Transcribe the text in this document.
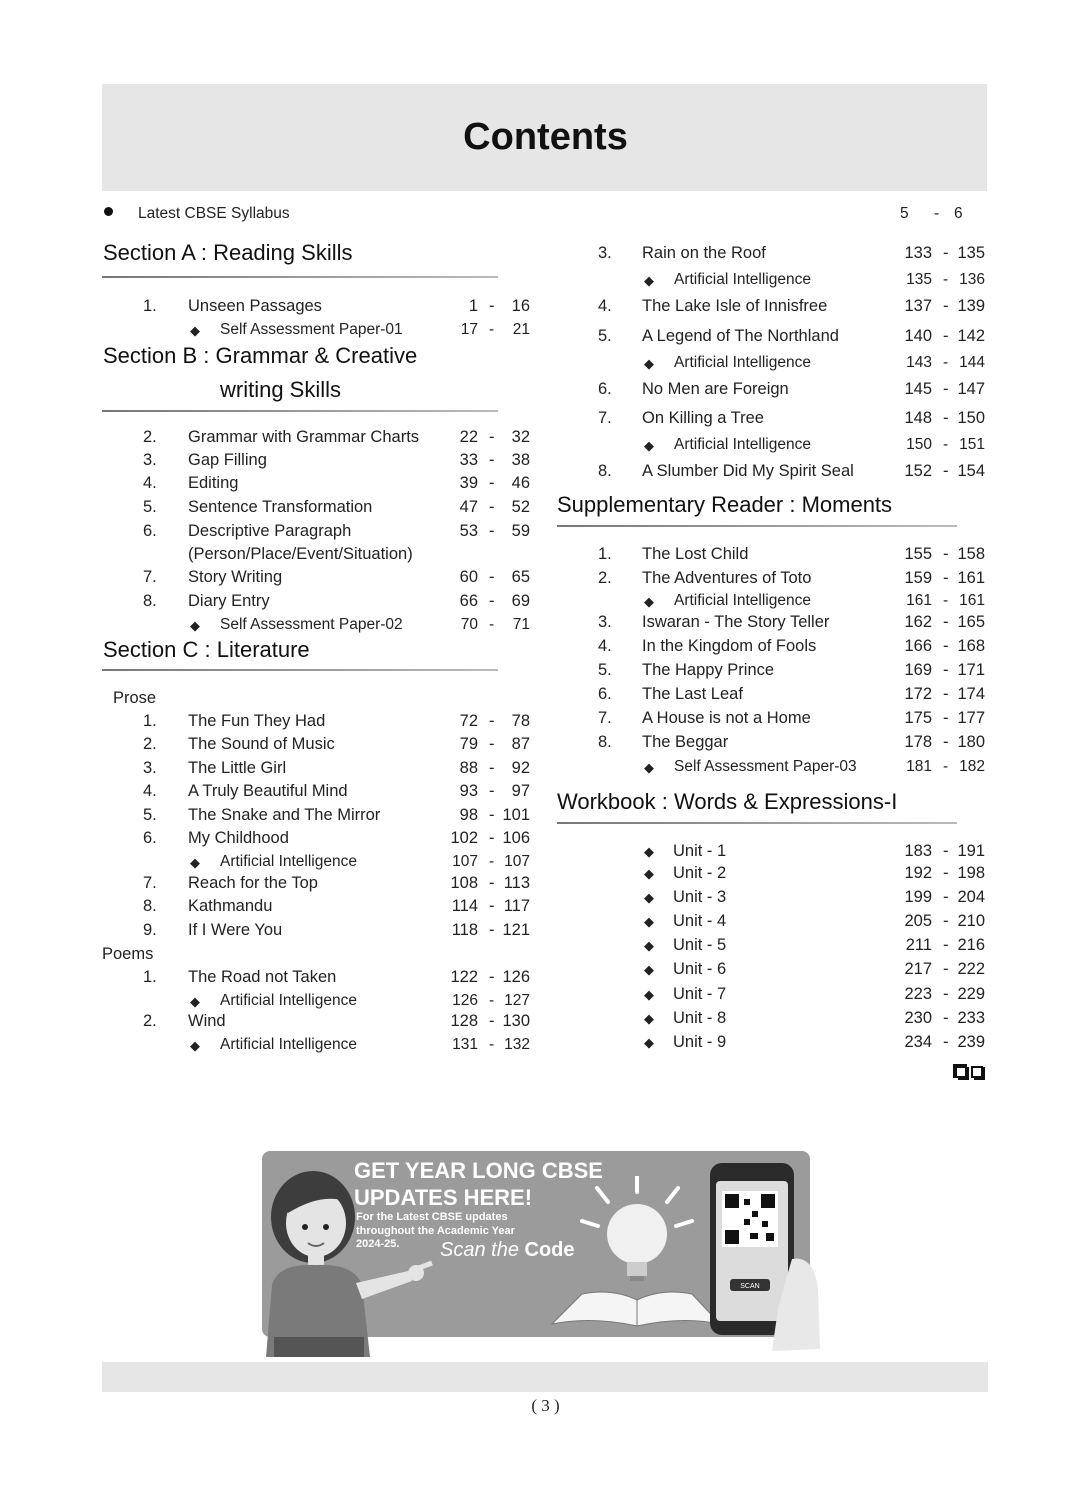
Contents
Latest CBSE Syllabus	5 - 6
Section A : Reading Skills
Section B : Grammar & Creative
writing Skills
Section C : Literature
Prose
Poems
Supplementary Reader : Moments
Workbook : Words & Expressions-I
1.	Unseen Passages	1 - 16
◆ Self Assessment Paper-01	17 - 21
2.	Grammar with Grammar Charts 22 - 32
3.	Gap Filling	33 - 38
4.	Editing	39 - 46
5.	Sentence Transformation	47 - 52
6.	Descriptive Paragraph	53 - 59
(Person/Place/Event/Situation)
7.	Story Writing	60 - 65
8.	Diary Entry	66 - 69
◆ Self Assessment Paper-02	70 - 71
1.	The Fun They Had	72 - 78
2.	The Sound of Music	79 - 87
3.	The Little Girl	88 - 92
4.	A Truly Beautiful Mind	93 - 97
5.	The Snake and The Mirror	98 - 101
6.	My Childhood	102 - 106
◆ Artificial Intelligence	107 - 107
7.	Reach for the Top	108 - 113
8.	Kathmandu	114 - 117
9.	If I Were You	118 - 121
1.	The Road not Taken	122 - 126
◆ Artificial Intelligence	126 - 127
2.	Wind	128 - 130
◆ Artificial Intelligence	131 - 132
3.	Rain on the Roof	133 - 135
◆ Artificial Intelligence	135 - 136
4.	The Lake Isle of Innisfree	137 - 139
5.	A Legend of The Northland	140 - 142
◆ Artificial Intelligence	143 - 144
6.	No Men are Foreign	145 - 147
7.	On Killing a Tree	148 - 150
◆ Artificial Intelligence	150 - 151
8.	A Slumber Did My Spirit Seal	152 - 154
1.	The Lost Child	155 - 158
2.	The Adventures of Toto	159 - 161
◆ Artificial Intelligence	161 - 161
3.	Iswaran - The Story Teller	162 - 165
4.	In the Kingdom of Fools	166 - 168
5.	The Happy Prince	169 - 171
6.	The Last Leaf	172 - 174
7.	A House is not a Home	175 - 177
8.	The Beggar	178 - 180
◆ Self Assessment Paper-03	181 - 182
◆ Unit - 1	183 - 191
◆ Unit - 2	192 - 198
◆ Unit - 3	199 - 204
◆ Unit - 4	205 - 210
◆ Unit - 5	211 - 216
◆ Unit - 6	217 - 222
◆ Unit - 7	223 - 229
◆ Unit - 8	230 - 233
◆ Unit - 9	234 - 239
GET YEAR LONG CBSE
UPDATES HERE!
For the Latest CBSE updates
throughout the Academic Year
2024-25.	Scan the Code
SCAN
( 3 )
